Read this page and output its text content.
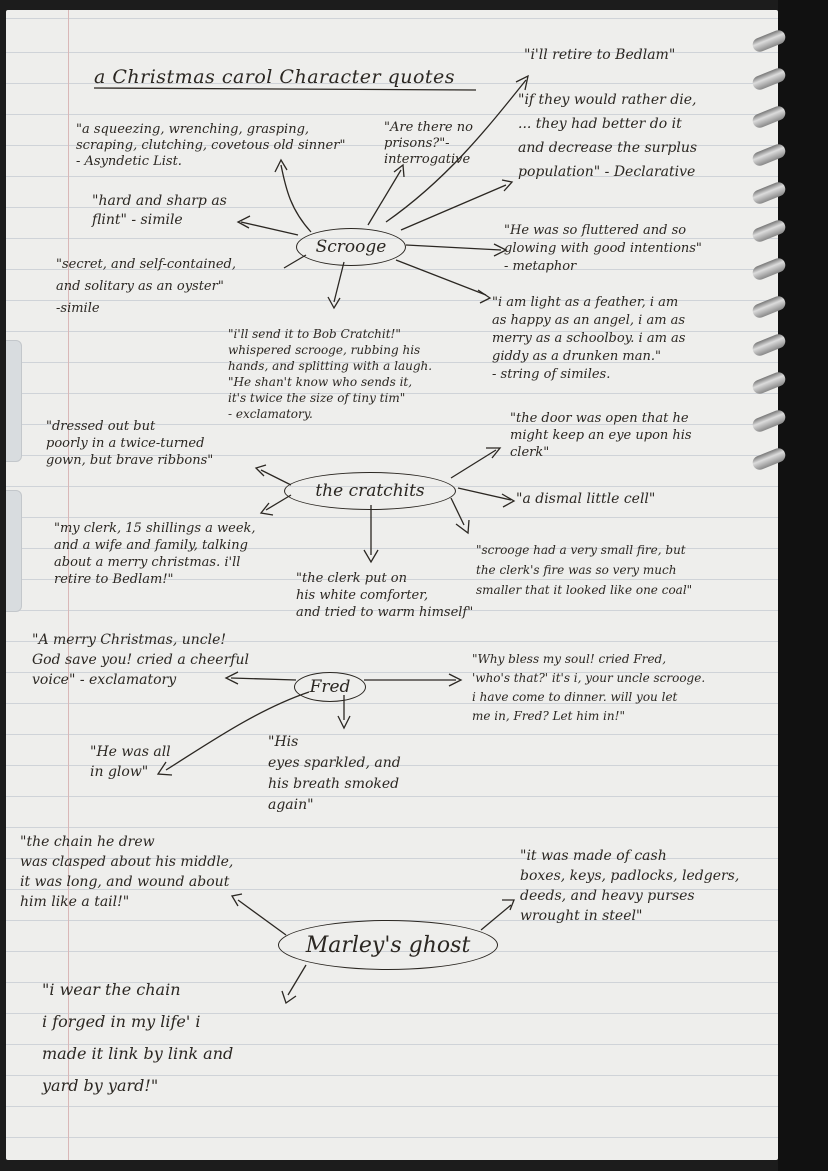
a Christmas carol Character quotes
Scrooge
the cratchits
Fred
Marley's ghost
"a squeezing, wrenching, grasping,
scraping, clutching, covetous old sinner"
- Asyndetic List.
"Are there no
prisons?"-
interrogative
"i'll retire to Bedlam"
"if they would rather die,
... they had better do it
and decrease the surplus
population" - Declarative
"hard and sharp as
flint" - simile
"He was so fluttered and so
glowing with good intentions"
- metaphor
"secret, and self-contained,
and solitary as an oyster"
-simile
"i'll send it to Bob Cratchit!"
whispered scrooge, rubbing his
hands, and splitting with a laugh.
"He shan't know who sends it,
it's twice the size of tiny tim"
- exclamatory.
"i am light as a feather, i am
as happy as an angel, i am as
merry as a schoolboy. i am as
giddy as a drunken man."
- string of similes.
"dressed out but
poorly in a twice-turned
gown, but brave ribbons"
"the door was open that he
might keep an eye upon his
clerk"
"a dismal little cell"
"my clerk, 15 shillings a week,
and a wife and family, talking
about a merry christmas. i'll
retire to Bedlam!"	"the clerk put on
his white comforter,
and tried to warm himself"
"scrooge had a very small fire, but
the clerk's fire was so very much
smaller that it looked like one coal"
"A merry Christmas, uncle!
God save you! cried a cheerful
voice" - exclamatory
"Why bless my soul! cried Fred,
'who's that?' it's i, your uncle scrooge.
i have come to dinner. will you let
me in, Fred? Let him in!"
"He was all
in glow"
"His
eyes sparkled, and
his breath smoked
again"
"the chain he drew
was clasped about his middle,
it was long, and wound about
him like a tail!"
"it was made of cash
boxes, keys, padlocks, ledgers,
deeds, and heavy purses
wrought in steel"
"i wear the chain
i forged in my life' i
made it link by link and
yard by yard!"
